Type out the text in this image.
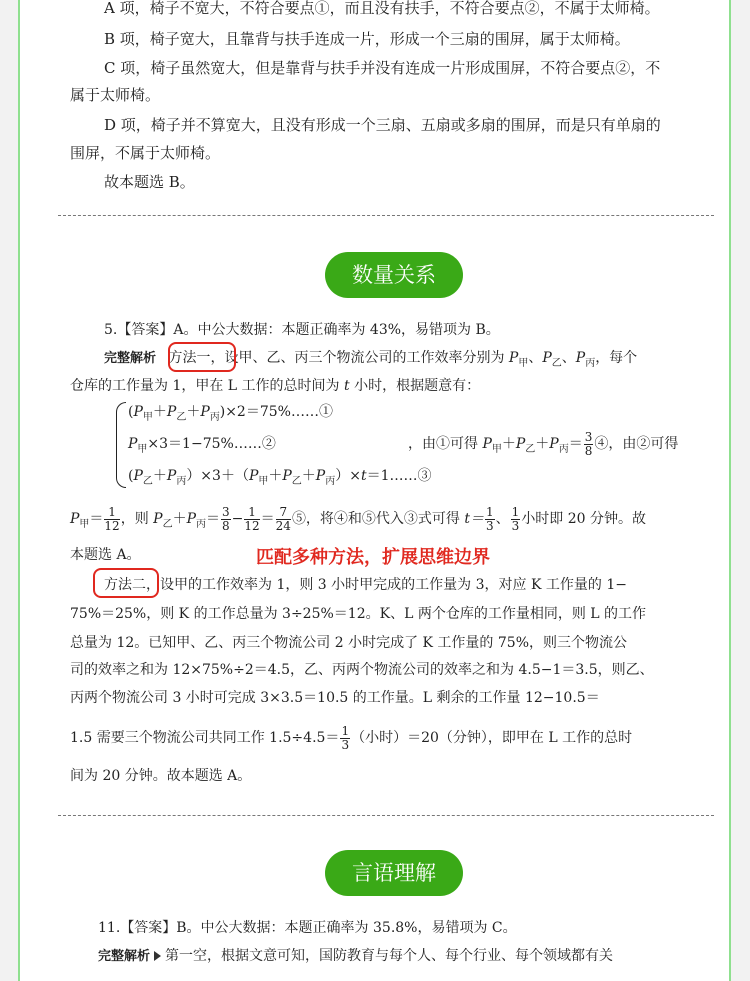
A 项，椅子不宽大，不符合要点①，而且没有扶手，不符合要点②，不属于太师椅。
B 项，椅子宽大，且靠背与扶手连成一片，形成一个三扇的围屏，属于太师椅。
C 项，椅子虽然宽大，但是靠背与扶手并没有连成一片形成围屏，不符合要点②，不
属于太师椅。
D 项，椅子并不算宽大，且没有形成一个三扇、五扇或多扇的围屏，而是只有单扇的
围屏，不属于太师椅。
故本题选 B。
数量关系
5.【答案】A。中公大数据：本题正确率为 43%，易错项为 B。
完整解析 方法一，设甲、乙、丙三个物流公司的工作效率分别为 $P_甲$、$P_乙$、$P_丙$，每个
仓库的工作量为 1，甲在 L 工作的总时间为 t 小时，根据题意有：
$(P_甲+P_乙+P_丙)\times 2=75\%\dots\dots ①$
$P_甲\times 3=1-75\%\dots\dots ②$
$(P_乙+P_丙)\times 3+(P_甲+P_乙+P_丙)\times t=1\dots\dots ③$
，由①可得 $P_甲+P_乙+P_丙= \frac{3}{8}$ ④，由②可得
$P_甲= \frac{1}{12}$ ，则 $P_乙+P_丙= \frac{3}{8} - \frac{1}{12} = \frac{7}{24}$ ⑤，将④和⑤代入③式可得 $t= \frac{1}{3}$ 、 $\frac{1}{3}$ 小时即 20 分钟。故
本题选 A。	匹配多种方法，扩展思维边界
方法二，设甲的工作效率为 1，则 3 小时甲完成的工作量为 3，对应 K 工作量的 1−
75%＝25%，则 K 的工作总量为 3÷25%＝12。K、L 两个仓库的工作量相同，则 L 的工作
总量为 12。已知甲、乙、丙三个物流公司 2 小时完成了 K 工作量的 75%，则三个物流公
司的效率之和为 12×75%÷2＝4.5，乙、丙两个物流公司的效率之和为 4.5−1＝3.5，则乙、
丙两个物流公司 3 小时可完成 3×3.5＝10.5 的工作量。L 剩余的工作量 12−10.5＝
1.5 需要三个物流公司共同工作 $1.5\div 4.5= \frac{1}{3}$ （小时）＝20（分钟），即甲在 L 工作的总时
间为 20 分钟。故本题选 A。
言语理解
11.【答案】B。中公大数据：本题正确率为 35.8%，易错项为 C。
完整解析 第一空，根据文意可知，国防教育与每个人、每个行业、每个领域都有关
